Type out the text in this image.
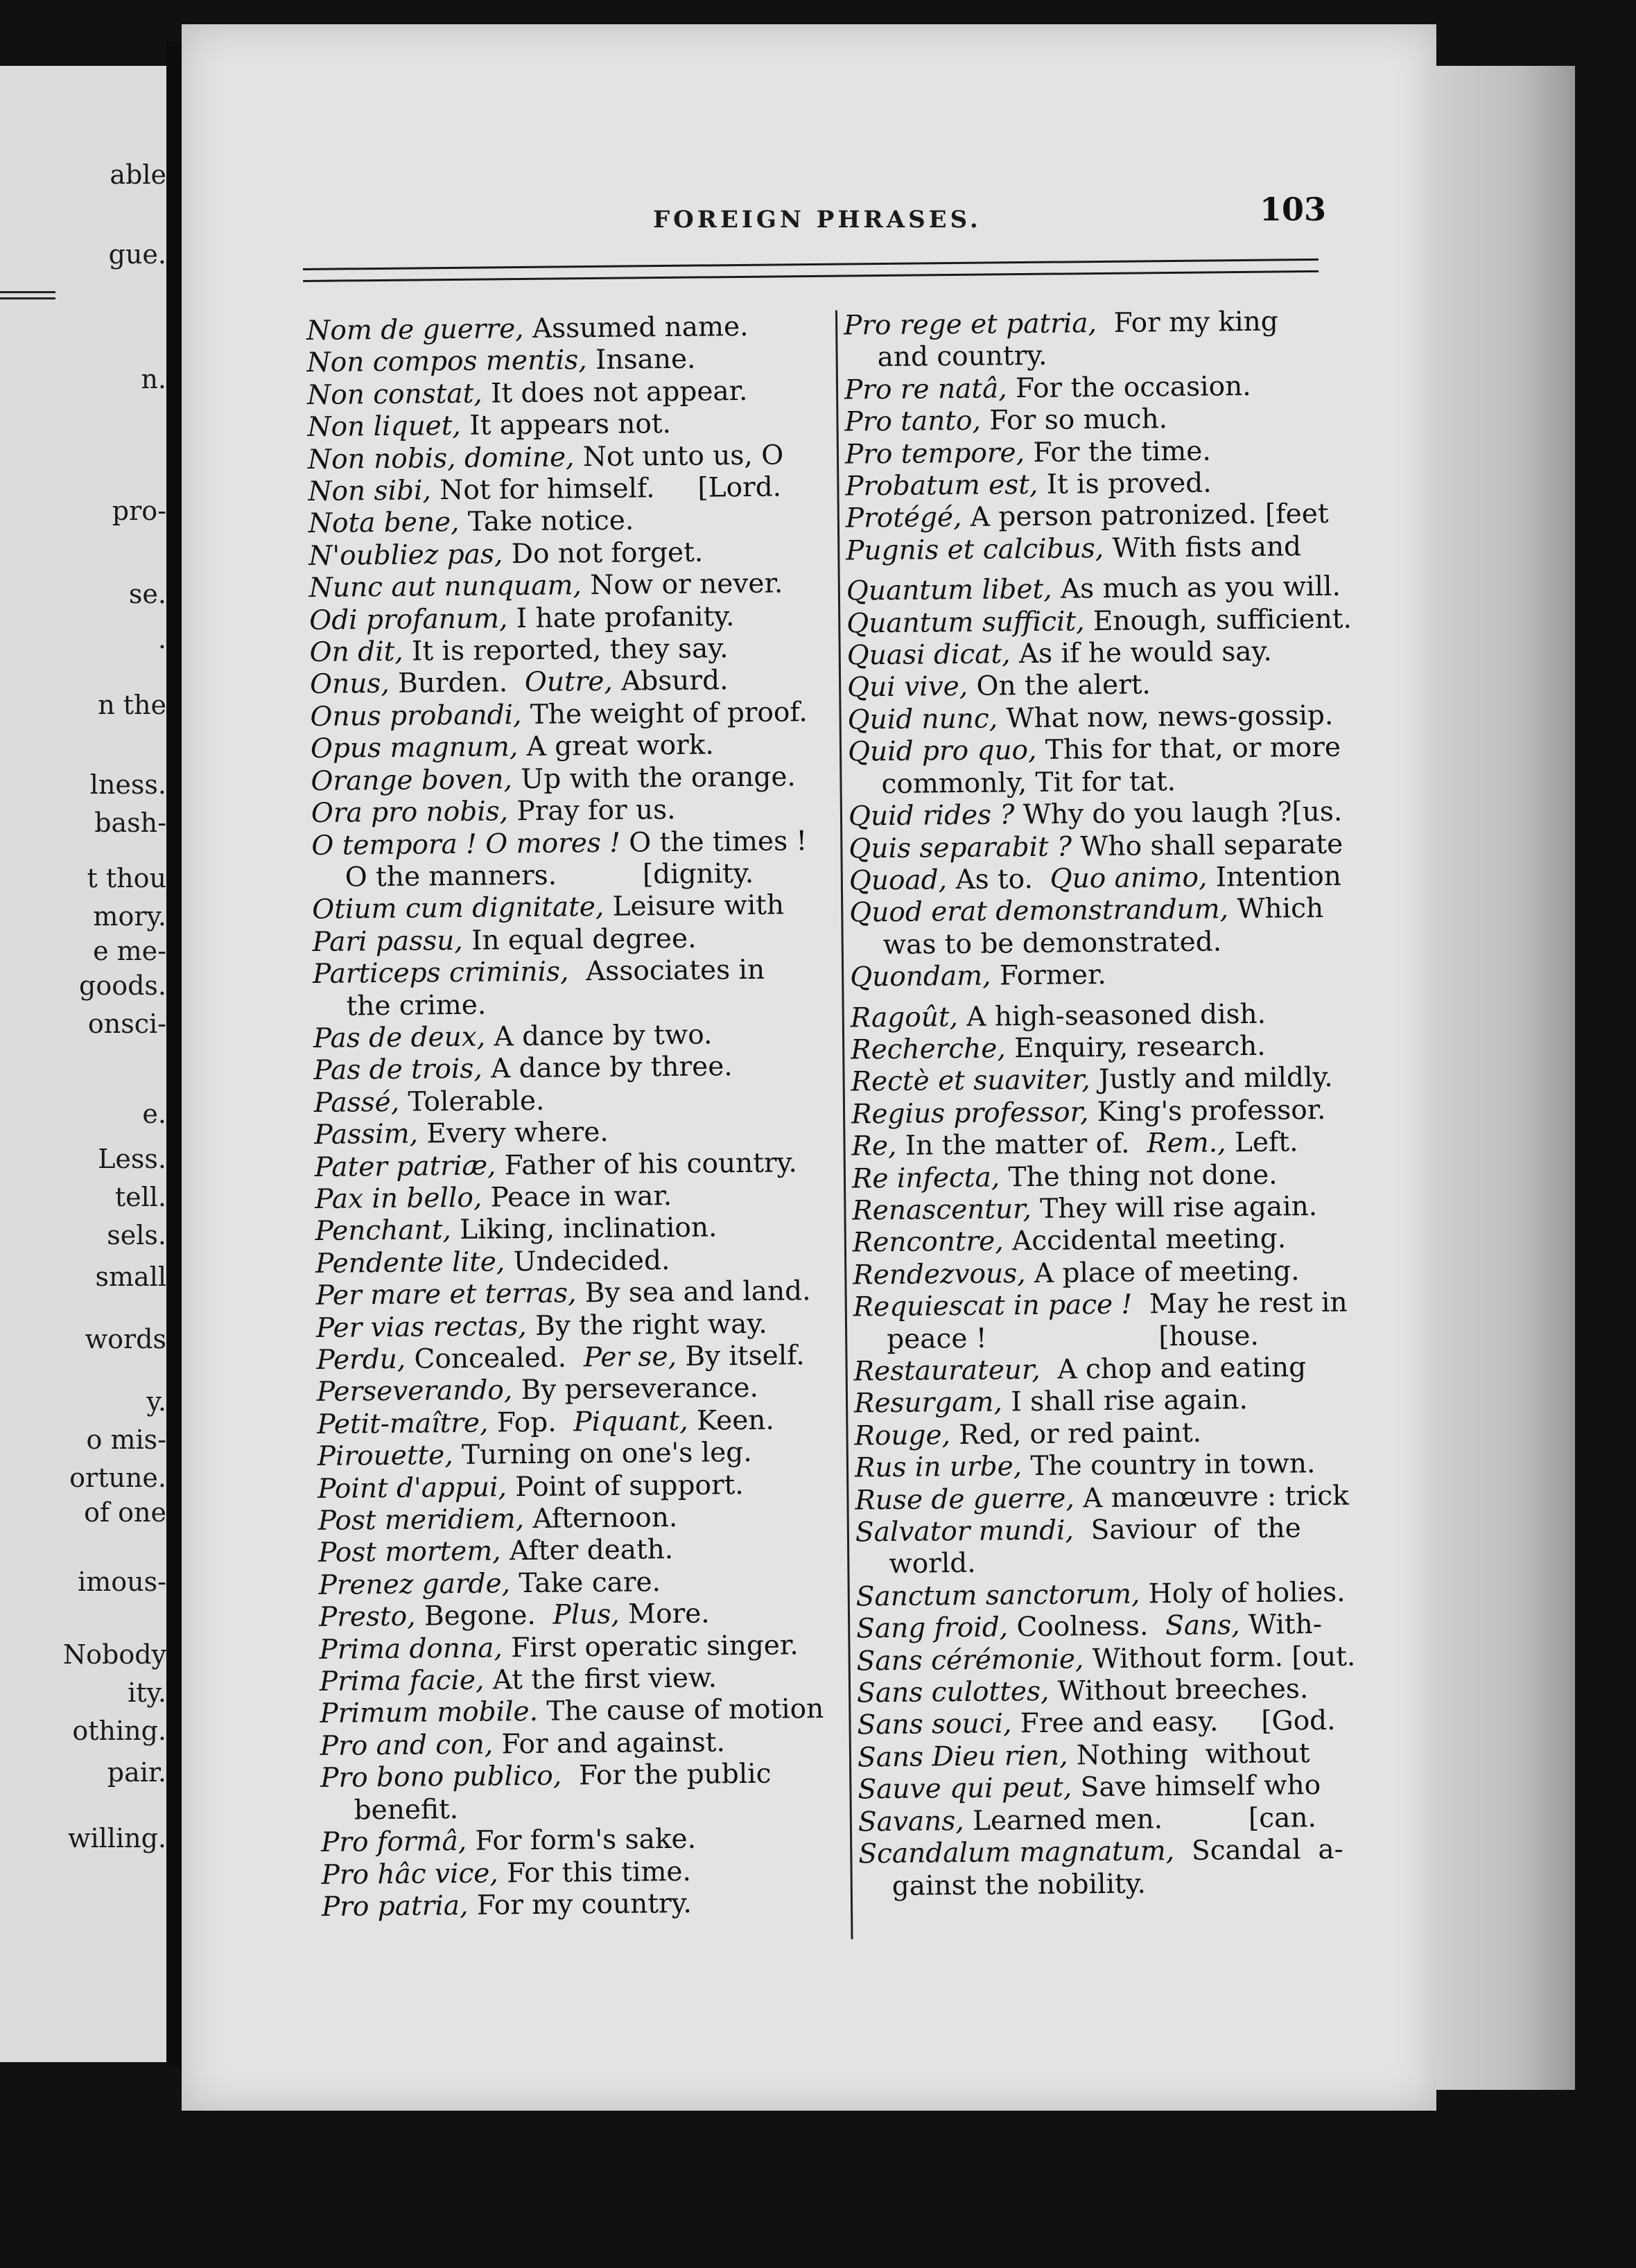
able
gue.
n.
pro-
se.
.
n the
lness.
bash-
t thou
mory.
e me-
goods.
onsci-
e.
Less.
tell.
sels.
small
words
y.
o mis-
ortune.
of one
imous-
Nobody
ity.
othing.
pair.
willing.
FOREIGN PHRASES.	103
Nom de guerre, Assumed name.
Non compos mentis, Insane.
Non constat, It does not appear.
Non liquet, It appears not.
Non nobis, domine, Not unto us, O
Non sibi, Not for himself.     [Lord.
Nota bene, Take notice.
N'oubliez pas, Do not forget.
Nunc aut nunquam, Now or never.
Odi profanum, I hate profanity.
On dit, It is reported, they say.
Onus, Burden.  Outre, Absurd.
Onus probandi, The weight of proof.
Opus magnum, A great work.
Orange boven, Up with the orange.
Ora pro nobis, Pray for us.
O tempora ! O mores ! O the times !
O the manners.          [dignity.
Otium cum dignitate, Leisure with
Pari passu, In equal degree.
Particeps criminis,  Associates in
the crime.
Pas de deux, A dance by two.
Pas de trois, A dance by three.
Passé, Tolerable.
Passim, Every where.
Pater patriæ, Father of his country.
Pax in bello, Peace in war.
Penchant, Liking, inclination.
Pendente lite, Undecided.
Per mare et terras, By sea and land.
Per vias rectas, By the right way.
Perdu, Concealed.  Per se, By itself.
Perseverando, By perseverance.
Petit-maître, Fop.  Piquant, Keen.
Pirouette, Turning on one's leg.
Point d'appui, Point of support.
Post meridiem, Afternoon.
Post mortem, After death.
Prenez garde, Take care.
Presto, Begone.  Plus, More.
Prima donna, First operatic singer.
Prima facie, At the first view.
Primum mobile. The cause of motion
Pro and con, For and against.
Pro bono publico,  For the public
benefit.
Pro formâ, For form's sake.
Pro hâc vice, For this time.
Pro patria, For my country.
Pro rege et patria,  For my king
and country.
Pro re natâ, For the occasion.
Pro tanto, For so much.
Pro tempore, For the time.
Probatum est, It is proved.
Protégé, A person patronized. [feet
Pugnis et calcibus, With fists and
Quantum libet, As much as you will.
Quantum sufficit, Enough, sufficient.
Quasi dicat, As if he would say.
Qui vive, On the alert.
Quid nunc, What now, news-gossip.
Quid pro quo, This for that, or more
commonly, Tit for tat.
Quid rides ? Why do you laugh ?[us.
Quis separabit ? Who shall separate
Quoad, As to.  Quo animo, Intention
Quod erat demonstrandum, Which
was to be demonstrated.
Quondam, Former.
Ragoût, A high-seasoned dish.
Recherche, Enquiry, research.
Rectè et suaviter, Justly and mildly.
Regius professor, King's professor.
Re, In the matter of.  Rem., Left.
Re infecta, The thing not done.
Renascentur, They will rise again.
Rencontre, Accidental meeting.
Rendezvous, A place of meeting.
Requiescat in pace !  May he rest in
peace !                    [house.
Restaurateur,  A chop and eating
Resurgam, I shall rise again.
Rouge, Red, or red paint.
Rus in urbe, The country in town.
Ruse de guerre, A manœuvre : trick
Salvator mundi,  Saviour  of  the
world.
Sanctum sanctorum, Holy of holies.
Sang froid, Coolness.  Sans, With-
Sans cérémonie, Without form. [out.
Sans culottes, Without breeches.
Sans souci, Free and easy.     [God.
Sans Dieu rien, Nothing  without
Sauve qui peut, Save himself who
Savans, Learned men.          [can.
Scandalum magnatum,  Scandal  a-
gainst the nobility.
